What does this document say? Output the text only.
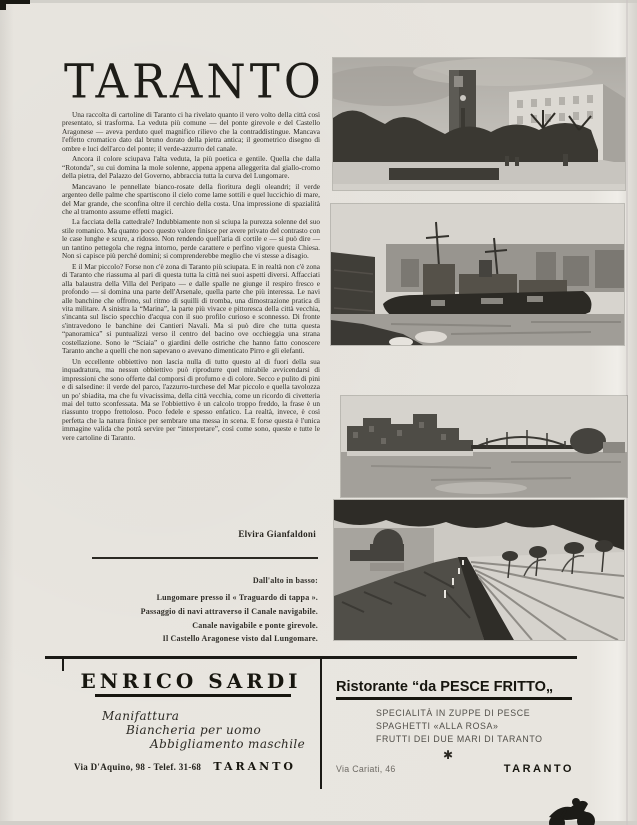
TARANTO

Una raccolta di cartoline di Taranto ci ha rivelato quanto il vero volto della città così presentato, si trasforma. La veduta più comune — del ponte girevole e del Castello Aragonese — aveva perduto quel magnifico rilievo che la contraddistingue. Mancava l'effetto cromatico dato dal bruno dorato della pietra antica; il geometrico disegno di ombre e luci dell'arco del ponte; il verde-azzurro del canale.

Ancora il colore sciupava l'alta veduta, la più poetica e gentile. Quella che dalla “Rotonda”, su cui domina la mole solenne, appena appena alleggerita dal giallo-cromo della pietra, del Palazzo del Governo, abbraccia tutta la curva del Lungomare.

Mancavano le pennellate bianco-rosate della fioritura degli oleandri; il verde argenteo delle palme che spartiscono il cielo come lame sottili e quel luccichio di mare, del Mar grande, che sconfina oltre il cerchio della costa. Una impressione di spazialità che al tramonto assume effetti magici.

La facciata della cattedrale? Indubbiamente non si sciupa la purezza solenne del suo stile romanico. Ma quanto poco questo valore finisce per avere privato del contrasto con le case lunghe e scure, a ridosso. Non rendendo quell'aria di cortile e — si può dire — un tantino pettegola che regna intorno, perde carattere e perfino vigore questa Chiesa. Non si capisce più perché domini; si comprenderebbe meglio che vi stesse a disagio.

E il Mar piccolo? Forse non c'è zona di Taranto più sciupata. E in realtà non c'è zona di Taranto che riassuma al pari di questa tutta la città nei suoi aspetti diversi. Affacciati alla balaustra della Villa del Peripato — e dalle spalle ne giunge il respiro fresco e profondo — si domina una parte dell'Arsenale, quella parte che più interessa. Le navi alle banchine che offrono, sul ritmo di squilli di tromba, una dimostrazione pratica di vita militare. A sinistra la “Marina”, la parte più vivace e pittoresca della città vecchia, s'incanta sul liscio specchio d'acqua con il suo profilo curioso e sconnesso. Di fronte s'intravedono le banchine dei Cantieri Navali. Ma si può dire che tutta questa “panoramica” si puntualizzi verso il centro del bacino ove occhieggia una strana costellazione. Sono le “Sciaia” o giardini delle ostriche che hanno fatto conoscere Taranto anche a quelli che non sapevano o avevano dimenticato Pirro e gli elefanti.

Un eccellente obbiettivo non lascia nulla di tutto questo al di fuori della sua inquadratura, ma nessun obbiettivo può riprodurre quel mirabile avvicendarsi di impressioni che sono offerte dal comporsi di profumo e di colore. Secco e pulito di pini e di salsedine: il verde del parco, l'azzurro-turchese del Mar piccolo e quella tavolozza un po' sbiadita, ma che fu vivacissima, della città vecchia, come un ricordo di civetteria mai del tutto sconfessata. Ma se l'obbiettivo è un calcolo troppo freddo, la frase è un riassunto troppo frettoloso. Poco fedele e spesso enfatico. La realtà, invece, è così perfetta che la natura finisce per sembrare una messa in scena. E forse questa è l'unica immagine valida che potrà servire per “interpretare”, così come sono, queste e tutte le vere cartoline di Taranto.

Elvira Gianfaldoni
Dall'alto in basso:
Lungomare presso il « Traguardo di tappa ».
Passaggio di navi attraverso il Canale navigabile.
Canale navigabile e ponte girevole.
Il Castello Aragonese visto dal Lungomare.
ENRICO SARDI
Manifattura
Biancheria per uomo
Abbigliamento maschile
Via D'Aquino, 98 - Telef. 31-68 TARANTO
Ristorante “da PESCE FRITTO„
SPECIALITÀ IN ZUPPE DI PESCE
SPAGHETTI «ALLA ROSA»
FRUTTI DEI DUE MARI DI TARANTO
✱
Via Cariati, 46	TARANTO
